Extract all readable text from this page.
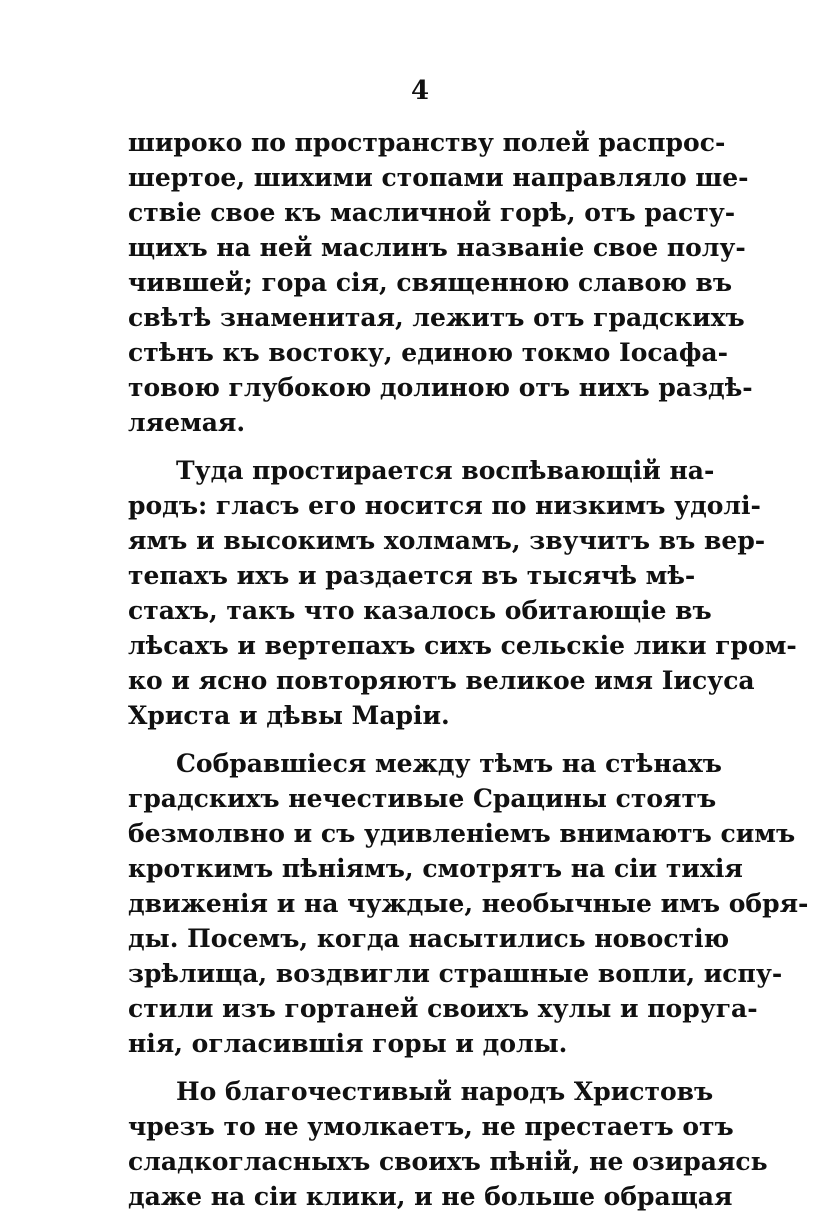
4
широко по пространству полей распрос-
шертое, шихими стопами направляло ше-
ствіе свое къ масличной горѣ, отъ расту-
щихъ на ней маслинъ названіе свое полу-
чившей; гора сія, священною славою въ
свѣтѣ знаменитая, лежитъ отъ градскихъ
стѣнъ къ востоку, единою токмо Іосафа-
товою глубокою долиною отъ нихъ раздѣ-
ляемая.
Туда простирается воспѣвающій на-
родъ: гласъ его носится по низкимъ удолі-
ямъ и высокимъ холмамъ, звучитъ въ вер-
тепахъ ихъ и раздается въ тысячѣ мѣ-
стахъ, такъ что казалось обитающіе въ
лѣсахъ и вертепахъ сихъ сельскіе лики гром-
ко и ясно повторяютъ великое имя Іисуса
Христа и дѣвы Маріи.
Собравшіеся между тѣмъ на стѣнахъ
градскихъ нечестивые Срацины стоятъ
безмолвно и съ удивленіемъ внимаютъ симъ
кроткимъ пѣніямъ, смотрятъ на сіи тихія
движенія и на чуждые, необычные имъ обря-
ды. Посемъ, когда насытились новостію
зрѣлища, воздвигли страшные вопли, испу-
стили изъ гортаней своихъ хулы и поруга-
нія, огласившія горы и долы.
Но благочестивый народъ Христовъ
чрезъ то не умолкаетъ, не престаетъ отъ
сладкогласныхъ своихъ пѣній, не озираясь
даже на сіи клики, и не больше обращая
